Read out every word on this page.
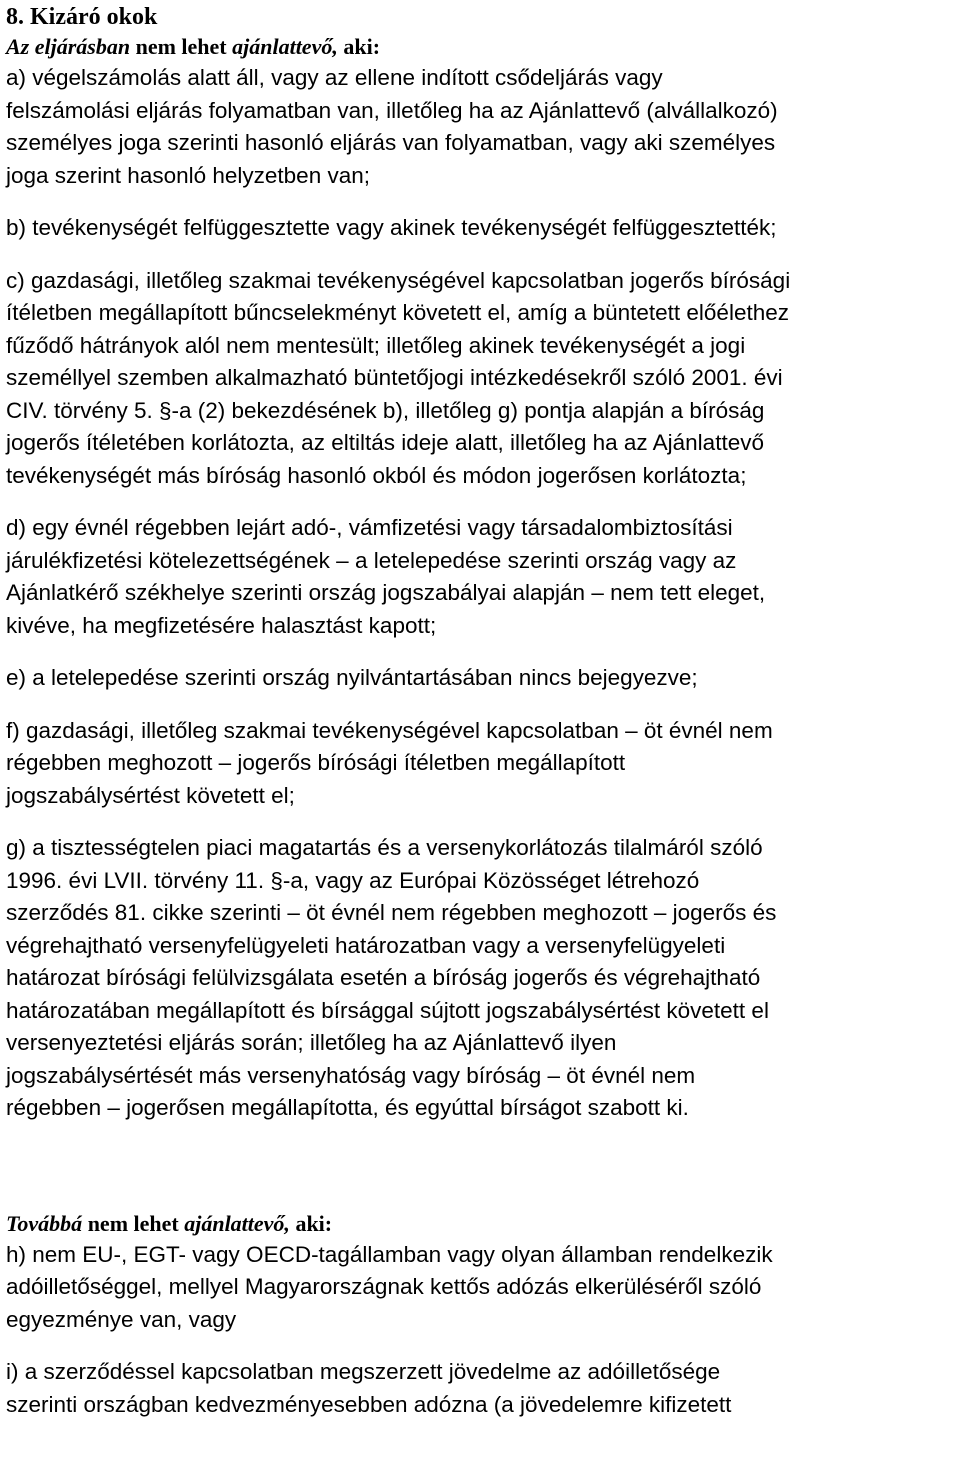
8. Kizáró okok

Az eljárásban nem lehet ajánlattevő, aki:

a) végelszámolás alatt áll, vagy az ellene indított csődeljárás vagy
felszámolási eljárás folyamatban van, illetőleg ha az Ajánlattevő (alvállalkozó)
személyes joga szerinti hasonló eljárás van folyamatban, vagy aki személyes
joga szerint hasonló helyzetben van;

b) tevékenységét felfüggesztette vagy akinek tevékenységét felfüggesztették;

c) gazdasági, illetőleg szakmai tevékenységével kapcsolatban jogerős bírósági
ítéletben megállapított bűncselekményt követett el, amíg a büntetett előélethez
fűződő hátrányok alól nem mentesült; illetőleg akinek tevékenységét a jogi
személlyel szemben alkalmazható büntetőjogi intézkedésekről szóló 2001. évi
CIV. törvény 5. §-a (2) bekezdésének b), illetőleg g) pontja alapján a bíróság
jogerős ítéletében korlátozta, az eltiltás ideje alatt, illetőleg ha az Ajánlattevő
tevékenységét más bíróság hasonló okból és módon jogerősen korlátozta;

d) egy évnél régebben lejárt adó-, vámfizetési vagy társadalombiztosítási
járulékfizetési kötelezettségének – a letelepedése szerinti ország vagy az
Ajánlatkérő székhelye szerinti ország jogszabályai alapján – nem tett eleget,
kivéve, ha megfizetésére halasztást kapott;

e) a letelepedése szerinti ország nyilvántartásában nincs bejegyezve;

f) gazdasági, illetőleg szakmai tevékenységével kapcsolatban – öt évnél nem
régebben meghozott – jogerős bírósági ítéletben megállapított
jogszabálysértést követett el;

g) a tisztességtelen piaci magatartás és a versenykorlátozás tilalmáról szóló
1996. évi LVII. törvény 11. §-a, vagy az Európai Közösséget létrehozó
szerződés 81. cikke szerinti – öt évnél nem régebben meghozott – jogerős és
végrehajtható versenyfelügyeleti határozatban vagy a versenyfelügyeleti
határozat bírósági felülvizsgálata esetén a bíróság jogerős és végrehajtható
határozatában megállapított és bírsággal sújtott jogszabálysértést követett el
versenyeztetési eljárás során; illetőleg ha az Ajánlattevő ilyen
jogszabálysértését más versenyhatóság vagy bíróság – öt évnél nem
régebben – jogerősen megállapította, és egyúttal bírságot szabott ki.

Továbbá nem lehet ajánlattevő, aki:

h) nem EU-, EGT- vagy OECD-tagállamban vagy olyan államban rendelkezik
adóilletőséggel, mellyel Magyarországnak kettős adózás elkerüléséről szóló
egyezménye van, vagy

i) a szerződéssel kapcsolatban megszerzett jövedelme az adóilletősége
szerinti országban kedvezményesebben adózna (a jövedelemre kifizetett
